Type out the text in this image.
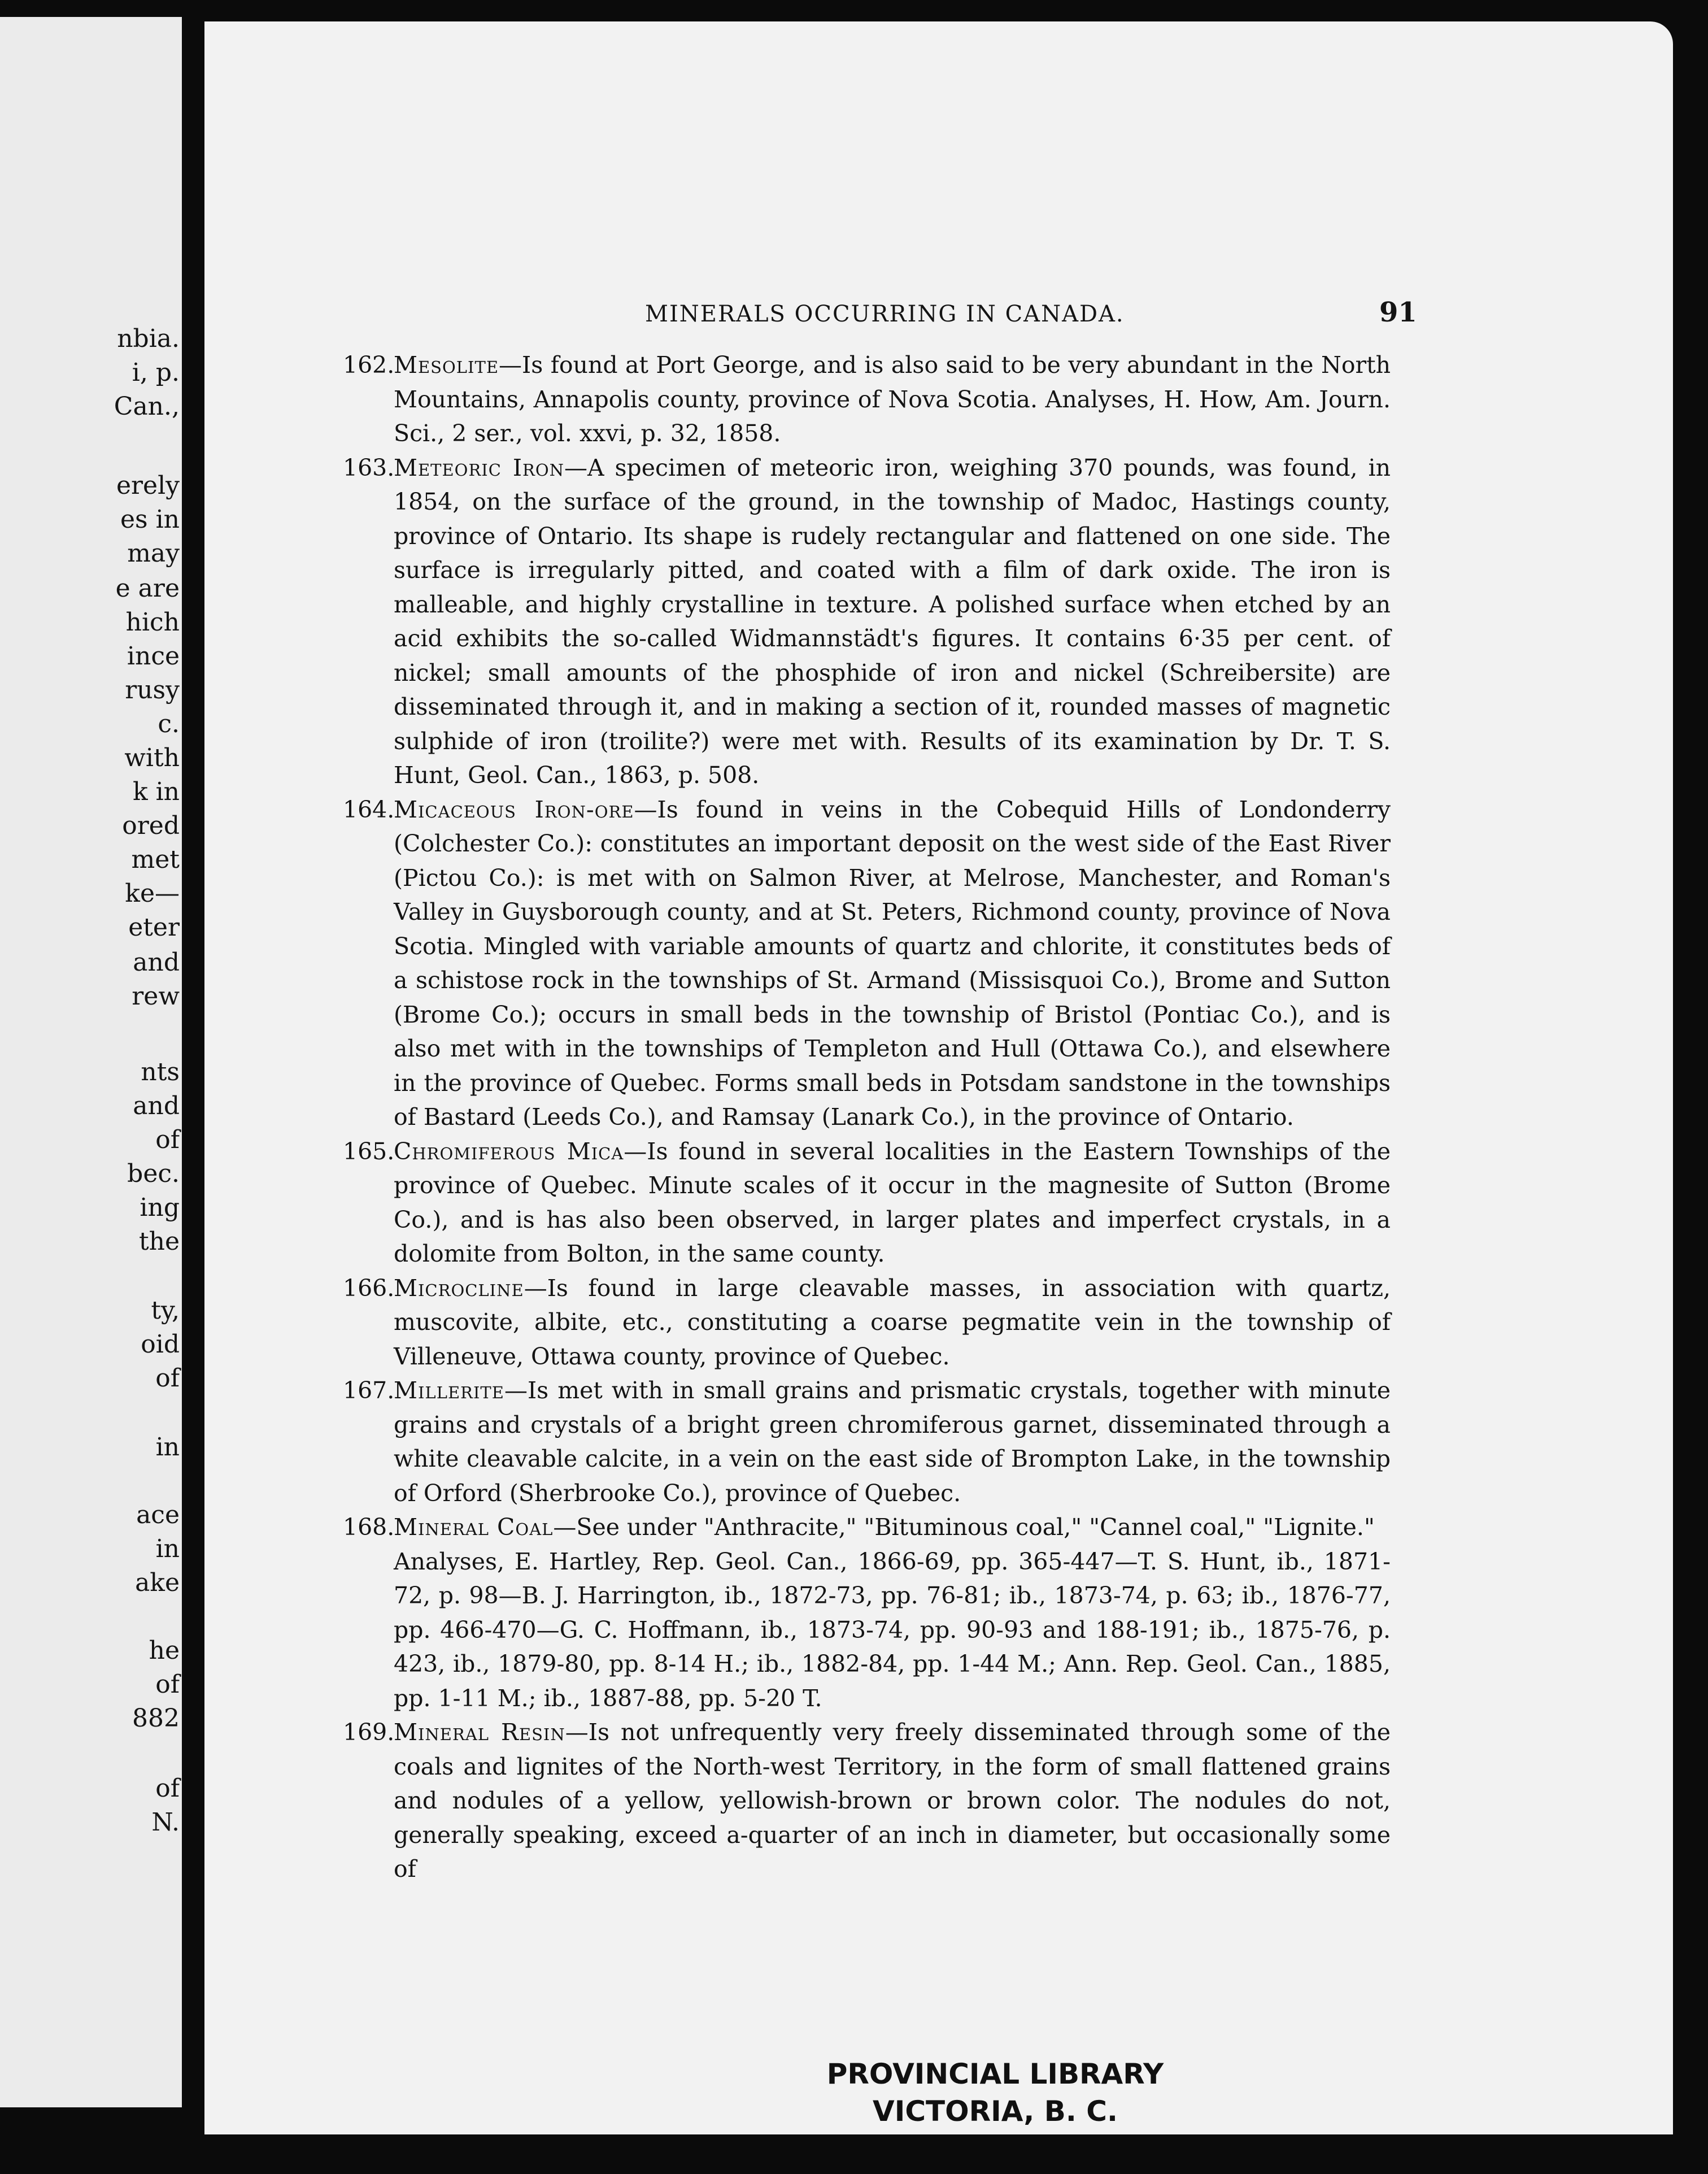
nbia.
i, p.
Can.,
erely
es in
may
e are
hich
ince
rusy
c.
with
k in
ored
met
ke—
eter
and
rew
nts
and
of
bec.
ing
the
ty,
oid
of
in
ace
in
ake
he
of
882
of
N.
MINERALS OCCURRING IN CANADA.	91
162.

Mesolite—Is found at Port George, and is also said to be very abundant in the North Mountains, Annapolis county, province of Nova Scotia. Analyses, H. How, Am. Journ. Sci., 2 ser., vol. xxvi, p. 32, 1858.

163.

Meteoric Iron—A specimen of meteoric iron, weighing 370 pounds, was found, in 1854, on the surface of the ground, in the township of Madoc, Hastings county, province of Ontario. Its shape is rudely rectangular and flattened on one side. The surface is irregularly pitted, and coated with a film of dark oxide. The iron is malleable, and highly crystalline in texture. A polished surface when etched by an acid exhibits the so-called Widmannstädt's figures. It contains 6·35 per cent. of nickel; small amounts of the phosphide of iron and nickel (Schreibersite) are disseminated through it, and in making a section of it, rounded masses of magnetic sulphide of iron (troilite?) were met with. Results of its examination by Dr. T. S. Hunt, Geol. Can., 1863, p. 508.

164.

Micaceous Iron-ore—Is found in veins in the Cobequid Hills of Londonderry (Colchester Co.): constitutes an important deposit on the west side of the East River (Pictou Co.): is met with on Salmon River, at Melrose, Manchester, and Roman's Valley in Guysborough county, and at St. Peters, Richmond county, province of Nova Scotia. Mingled with variable amounts of quartz and chlorite, it constitutes beds of a schistose rock in the townships of St. Armand (Missisquoi Co.), Brome and Sutton (Brome Co.); occurs in small beds in the township of Bristol (Pontiac Co.), and is also met with in the townships of Templeton and Hull (Ottawa Co.), and elsewhere in the province of Quebec. Forms small beds in Potsdam sandstone in the townships of Bastard (Leeds Co.), and Ramsay (Lanark Co.), in the province of Ontario.

165.

Chromiferous Mica—Is found in several localities in the Eastern Townships of the province of Quebec. Minute scales of it occur in the magnesite of Sutton (Brome Co.), and is has also been observed, in larger plates and imperfect crystals, in a dolomite from Bolton, in the same county.

166.

Microcline—Is found in large cleavable masses, in association with quartz, muscovite, albite, etc., constituting a coarse pegmatite vein in the township of Villeneuve, Ottawa county, province of Quebec.

167.

Millerite—Is met with in small grains and prismatic crystals, together with minute grains and crystals of a bright green chromiferous garnet, disseminated through a white cleavable calcite, in a vein on the east side of Brompton Lake, in the township of Orford (Sherbrooke Co.), province of Quebec.

168.

Mineral Coal—See under "Anthracite," "Bituminous coal," "Cannel coal," "Lignite."

Analyses, E. Hartley, Rep. Geol. Can., 1866-69, pp. 365-447—T. S. Hunt, ib., 1871-72, p. 98—B. J. Harrington, ib., 1872-73, pp. 76-81; ib., 1873-74, p. 63; ib., 1876-77, pp. 466-470—G. C. Hoffmann, ib., 1873-74, pp. 90-93 and 188-191; ib., 1875-76, p. 423, ib., 1879-80, pp. 8-14 H.; ib., 1882-84, pp. 1-44 M.; Ann. Rep. Geol. Can., 1885, pp. 1-11 M.; ib., 1887-88, pp. 5-20 T.

169.

Mineral Resin—Is not unfrequently very freely disseminated through some of the coals and lignites of the North-west Territory, in the form of small flattened grains and nodules of a yellow, yellowish-brown or brown color. The nodules do not, generally speaking, exceed a-quarter of an inch in diameter, but occasionally some of

PROVINCIAL LIBRARY
VICTORIA, B. C.
